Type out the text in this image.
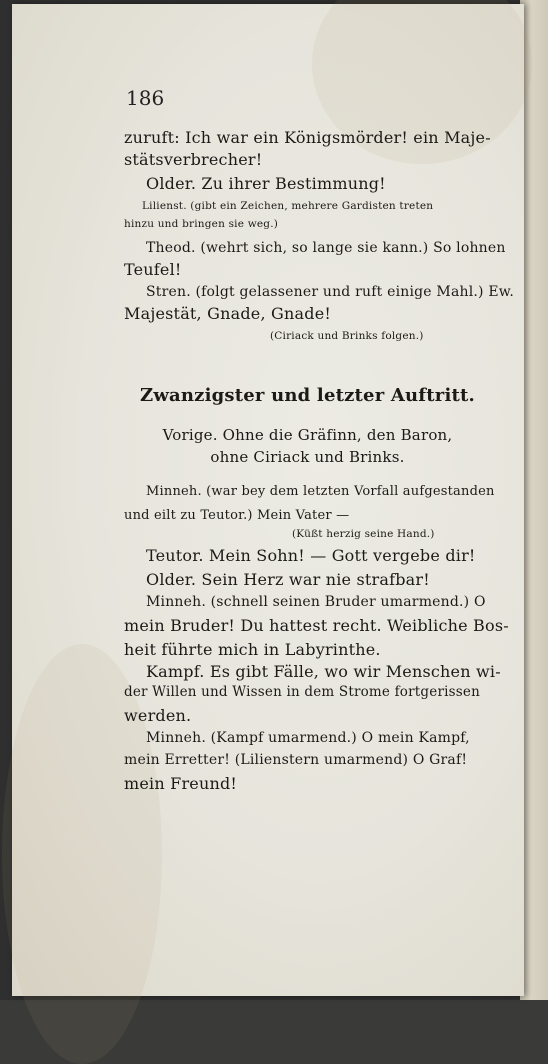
186
zuruft: Ich war ein Königsmörder! ein Maje-
stätsverbrecher!
Older. Zu ihrer Bestimmung!
Lilienst. (gibt ein Zeichen, mehrere Gardisten treten
hinzu und bringen sie weg.)
Theod. (wehrt sich, so lange sie kann.) So lohnen
Teufel!
Stren. (folgt gelassener und ruft einige Mahl.) Ew.
Majestät, Gnade, Gnade!
(Ciriack und Brinks folgen.)
Zwanzigster und letzter Auftritt.
Vorige. Ohne die Gräfinn, den Baron,
ohne Ciriack und Brinks.
Minneh. (war bey dem letzten Vorfall aufgestanden
und eilt zu Teutor.) Mein Vater —
(Küßt herzig seine Hand.)
Teutor. Mein Sohn! — Gott vergebe dir!
Older. Sein Herz war nie strafbar!
Minneh. (schnell seinen Bruder umarmend.) O
mein Bruder! Du hattest recht. Weibliche Bos-
heit führte mich in Labyrinthe.
Kampf. Es gibt Fälle, wo wir Menschen wi-
der Willen und Wissen in dem Strome fortgerissen
werden.
Minneh. (Kampf umarmend.) O mein Kampf,
mein Erretter! (Lilienstern umarmend) O Graf!
mein Freund!
